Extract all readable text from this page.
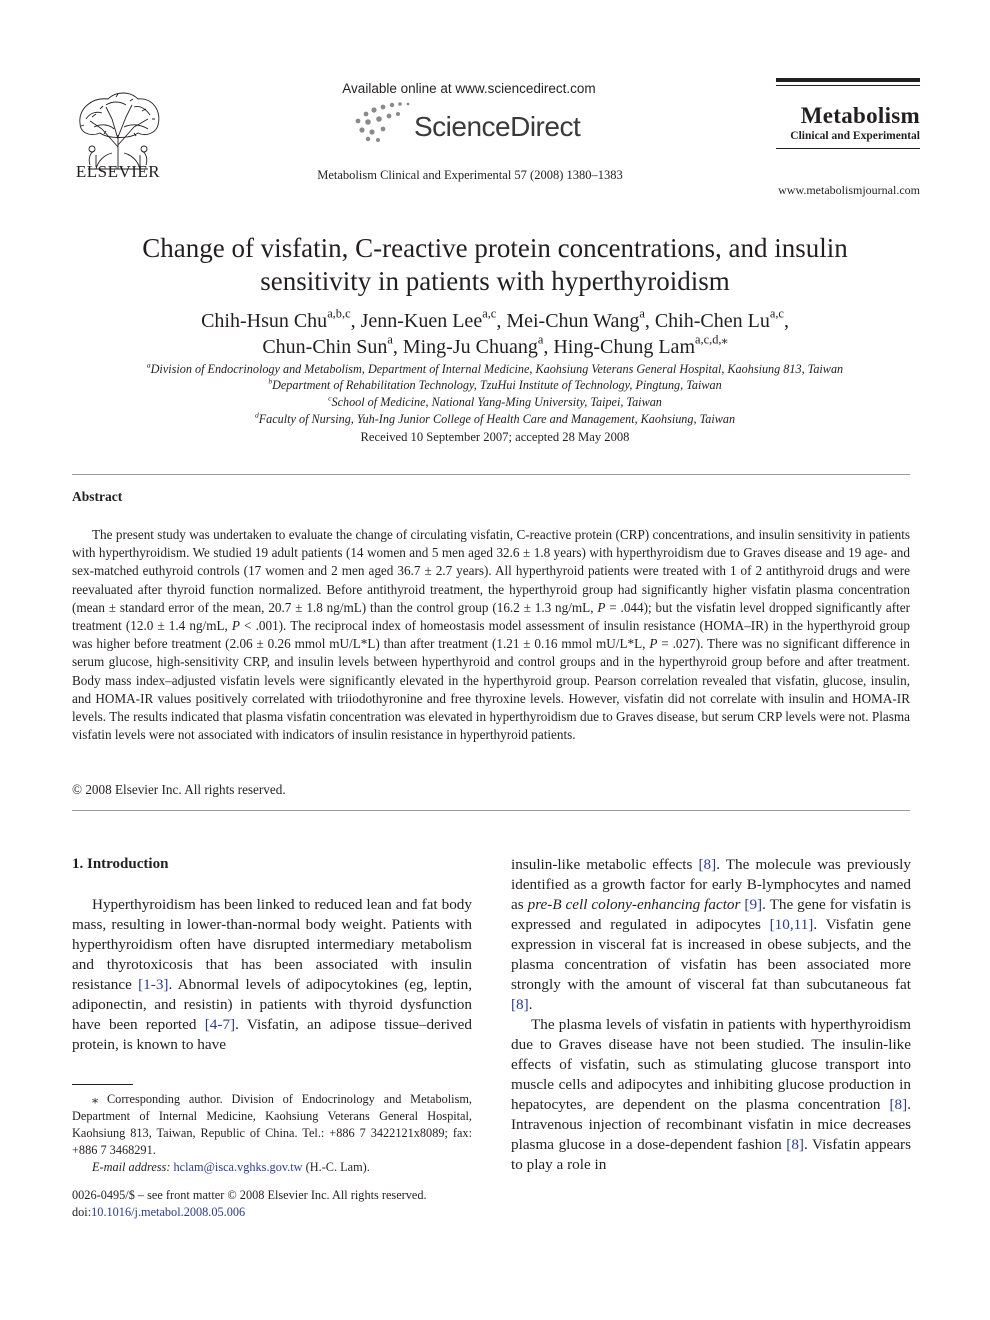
ELSEVIER
Available online at www.sciencedirect.com
ScienceDirect
Metabolism Clinical and Experimental 57 (2008) 1380–1383
Metabolism
Clinical and Experimental
www.metabolismjournal.com
Change of visfatin, C-reactive protein concentrations, and insulin
sensitivity in patients with hyperthyroidism
Chih-Hsun Chu$^{a,b,c}$, Jenn-Kuen Lee$^{a,c}$, Mei-Chun Wang$^a$, Chih-Chen Lu$^{a,c}$,
Chun-Chin Sun$^a$, Ming-Ju Chuang$^a$, Hing-Chung Lam$^{a,c,d,⁎}$
$^a$Division of Endocrinology and Metabolism, Department of Internal Medicine, Kaohsiung Veterans General Hospital, Kaohsiung 813, Taiwan
$^b$Department of Rehabilitation Technology, TzuHui Institute of Technology, Pingtung, Taiwan
$^c$School of Medicine, National Yang-Ming University, Taipei, Taiwan
$^d$Faculty of Nursing, Yuh-Ing Junior College of Health Care and Management, Kaohsiung, Taiwan
Received 10 September 2007; accepted 28 May 2008
Abstract

The present study was undertaken to evaluate the change of circulating visfatin, C-reactive protein (CRP) concentrations, and insulin sensitivity in patients with hyperthyroidism. We studied 19 adult patients (14 women and 5 men aged 32.6 ± 1.8 years) with hyperthyroidism due to Graves disease and 19 age- and sex-matched euthyroid controls (17 women and 2 men aged 36.7 ± 2.7 years). All hyperthyroid patients were treated with 1 of 2 antithyroid drugs and were reevaluated after thyroid function normalized. Before antithyroid treatment, the hyperthyroid group had significantly higher visfatin plasma concentration (mean ± standard error of the mean, 20.7 ± 1.8 ng/mL) than the control group (16.2 ± 1.3 ng/mL, P = .044); but the visfatin level dropped significantly after treatment (12.0 ± 1.4 ng/mL, P < .001). The reciprocal index of homeostasis model assessment of insulin resistance (HOMA–IR) in the hyperthyroid group was higher before treatment (2.06 ± 0.26 mmol mU/L*L) than after treatment (1.21 ± 0.16 mmol mU/L*L, P = .027). There was no significant difference in serum glucose, high-sensitivity CRP, and insulin levels between hyperthyroid and control groups and in the hyperthyroid group before and after treatment. Body mass index–adjusted visfatin levels were significantly elevated in the hyperthyroid group. Pearson correlation revealed that visfatin, glucose, insulin, and HOMA-IR values positively correlated with triiodothyronine and free thyroxine levels. However, visfatin did not correlate with insulin and HOMA-IR levels. The results indicated that plasma visfatin concentration was elevated in hyperthyroidism due to Graves disease, but serum CRP levels were not. Plasma visfatin levels were not associated with indicators of insulin resistance in hyperthyroid patients.

© 2008 Elsevier Inc. All rights reserved.
1. Introduction

Hyperthyroidism has been linked to reduced lean and fat body mass, resulting in lower-than-normal body weight. Patients with hyperthyroidism often have disrupted intermediary metabolism and thyrotoxicosis that has been associated with insulin resistance [1-3]. Abnormal levels of adipocytokines (eg, leptin, adiponectin, and resistin) in patients with thyroid dysfunction have been reported [4-7]. Visfatin, an adipose tissue–derived protein, is known to have

insulin-like metabolic effects [8]. The molecule was previously identified as a growth factor for early B-lymphocytes and named as pre-B cell colony-enhancing factor [9]. The gene for visfatin is expressed and regulated in adipocytes [10,11]. Visfatin gene expression in visceral fat is increased in obese subjects, and the plasma concentration of visfatin has been associated more strongly with the amount of visceral fat than subcutaneous fat [8].

The plasma levels of visfatin in patients with hyperthyroidism due to Graves disease have not been studied. The insulin-like effects of visfatin, such as stimulating glucose transport into muscle cells and adipocytes and inhibiting glucose production in hepatocytes, are dependent on the plasma concentration [8]. Intravenous injection of recombinant visfatin in mice decreases plasma glucose in a dose-dependent fashion [8]. Visfatin appears to play a role in

⁎ Corresponding author. Division of Endocrinology and Metabolism, Department of Internal Medicine, Kaohsiung Veterans General Hospital, Kaohsiung 813, Taiwan, Republic of China. Tel.: +886 7 3422121x8089; fax: +886 7 3468291.

E-mail address: hclam@isca.vghks.gov.tw (H.-C. Lam).

0026-0495/$ – see front matter © 2008 Elsevier Inc. All rights reserved.
doi:10.1016/j.metabol.2008.05.006
